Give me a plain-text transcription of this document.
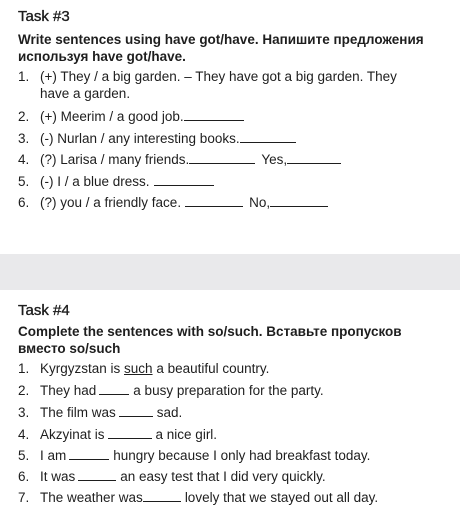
Task #3
Write sentences using have got/have. Напишите предложения используя have got/have.
1. (+) They / a big garden. – They have got a big garden. They
have a garden.
2. (+) Meerim / a good job.
3. (-) Nurlan / any interesting books.
4. (?) Larisa / many friends.	Yes,
5. (-) I / a blue dress.
6. (?) you / a friendly face.	No,
Task #4
Complete the sentences with so/such. Вставьте пропусков вместо so/such
1. Kyrgyzstan is such a beautiful country.
2. They had	a busy preparation for the party.
3. The film was	sad.
4. Akzyinat is	a nice girl.
5. I am	hungry because I only had breakfast today.
6. It was	an easy test that I did very quickly.
7. The weather was	lovely that we stayed out all day.
